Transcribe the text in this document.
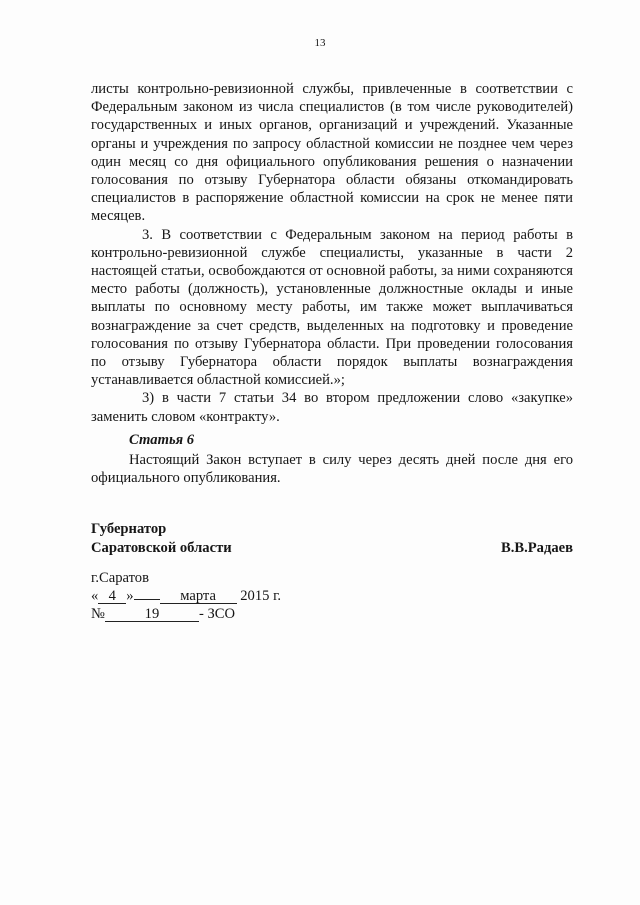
13

листы контрольно-ревизионной службы, привлеченные в соответствии с Федеральным законом из числа специалистов (в том числе руководителей) государственных и иных органов, организаций и учреждений. Указанные органы и учреждения по запросу областной комиссии не позднее чем через один месяц со дня официального опубликования решения о назначении голосования по отзыву Губернатора области обязаны откомандировать специалистов в распоряжение областной комиссии на срок не менее пяти месяцев.

3. В соответствии с Федеральным законом на период работы в контрольно-ревизионной службе специалисты, указанные в части 2 настоящей статьи, освобождаются от основной работы, за ними сохраняются место работы (должность), установленные должностные оклады и иные выплаты по основному месту работы, им также может выплачиваться вознаграждение за счет средств, выделенных на подготовку и проведение голосования по отзыву Губернатора области. При проведении голосования по отзыву Губернатора области порядок выплаты вознаграждения устанавливается областной комиссией.»;

3) в части 7 статьи 34 во втором предложении слово «закупке» заменить словом «контракту».

Статья 6

Настоящий Закон вступает в силу через десять дней после дня его официального опубликования.

Губернатор

Саратовской области	В.В.Радаев

г.Саратов

« 4 »	марта 2015 г.

№	19	- ЗСО
